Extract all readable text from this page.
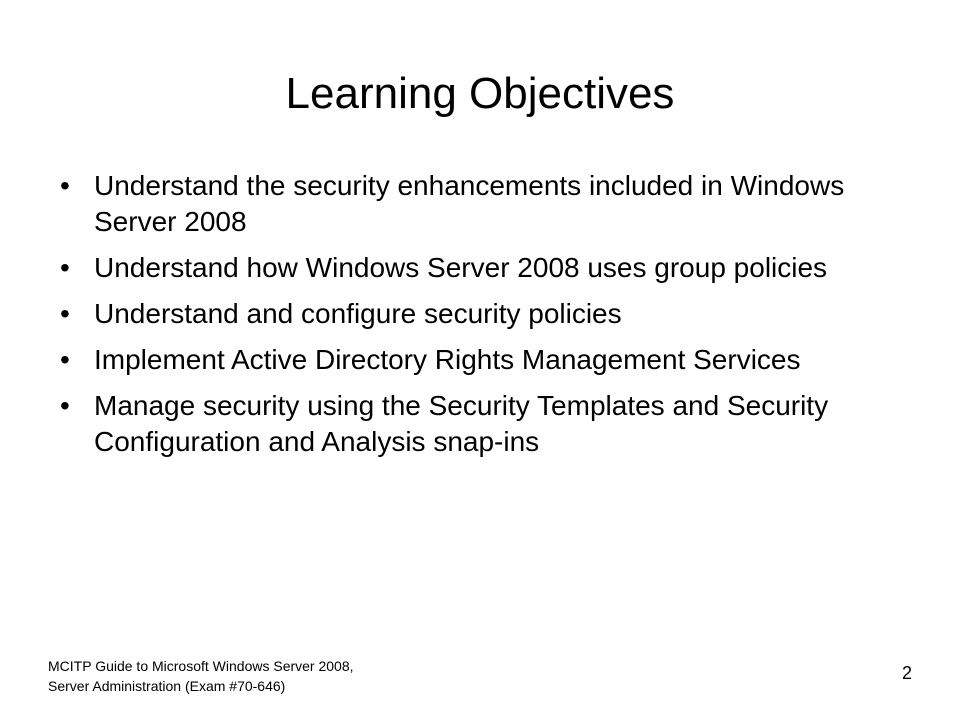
Learning Objectives
• Understand the security enhancements included in Windows Server 2008
• Understand how Windows Server 2008 uses group policies
• Understand and configure security policies
• Implement Active Directory Rights Management Services
• Manage security using the Security Templates and Security Configuration and Analysis snap-ins
MCITP Guide to Microsoft Windows Server 2008,
Server Administration (Exam #70-646)
2
